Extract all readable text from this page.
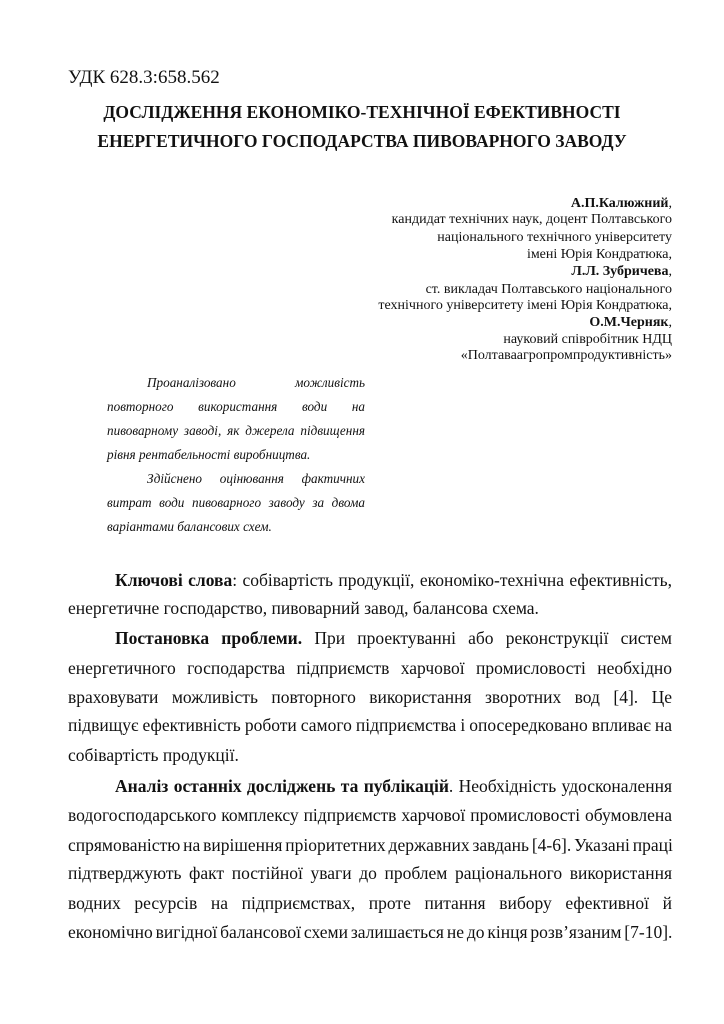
УДК 628.3:658.562
ДОСЛІДЖЕННЯ ЕКОНОМІКО-ТЕХНІЧНОЇ ЕФЕКТИВНОСТІ
ЕНЕРГЕТИЧНОГО ГОСПОДАРСТВА ПИВОВАРНОГО ЗАВОДУ
А.П.Калюжний,
кандидат технічних наук, доцент Полтавського
національного технічного університету
імені Юрія Кондратюка,
Л.Л. Зубричева,
ст. викладач Полтавського національного
технічного університету імені Юрія Кондратюка,
О.М.Черняк,
науковий співробітник НДЦ
«Полтаваагропромпродуктивність»
Проаналізовано можливість
повторного використання води на
пивоварному заводі, як джерела підвищення
рівня рентабельності виробництва.
Здійснено оцінювання фактичних
витрат води пивоварного заводу за двома
варіантами балансових схем.
Ключові слова: собівартість продукції, економіко-технічна ефективність,
енергетичне господарство, пивоварний завод, балансова схема.
Постановка проблеми. При проектуванні або реконструкції систем
енергетичного господарства підприємств харчової промисловості необхідно
враховувати можливість повторного використання зворотних вод [4]. Це
підвищує ефективність роботи самого підприємства і опосередковано впливає на
собівартість продукції.
Аналіз останніх досліджень та публікацій. Необхідність удосконалення
водогосподарського комплексу підприємств харчової промисловості обумовлена
спрямованістю на вирішення пріоритетних державних завдань [4-6]. Указані праці
підтверджують факт постійної уваги до проблем раціонального використання
водних ресурсів на підприємствах, проте питання вибору ефективної й
економічно вигідної балансової схеми залишається не до кінця розв’язаним [7-10].
